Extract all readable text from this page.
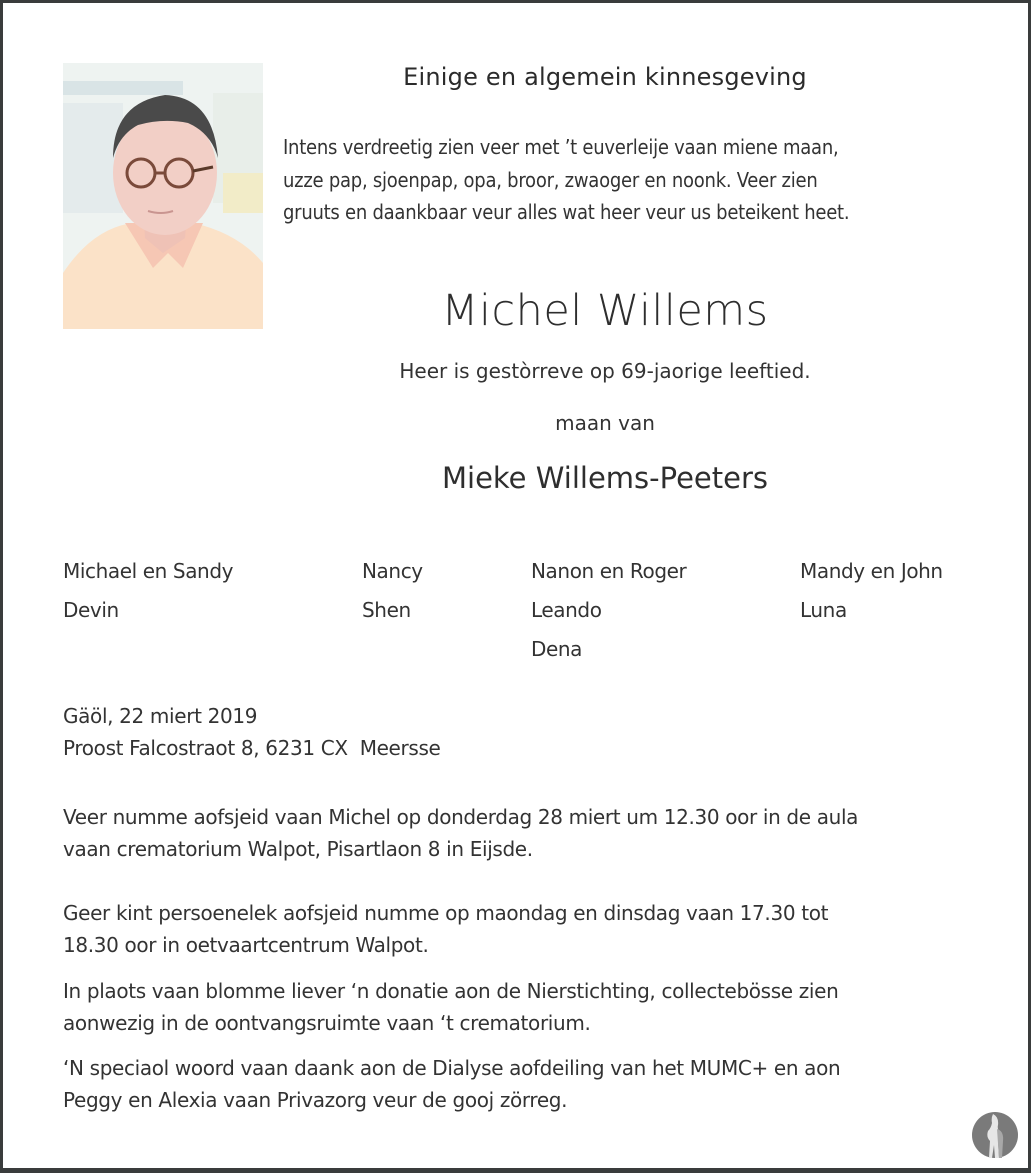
Einige en algemein kinnesgeving
Intens verdreetig zien veer met ’t euverleije vaan miene maan,
uzze pap, sjoenpap, opa, broor, zwaoger en noonk. Veer zien
gruuts en daankbaar veur alles wat heer veur us beteikent heet.
Michel Willems
Heer is gestòrreve op 69-jaorige leeftied.
maan van
Mieke Willems-Peeters
Michael en Sandy
Devin
Nancy
Shen
Nanon en Roger
Leando
Dena
Mandy en John
Luna
Gäöl, 22 miert 2019
Proost Falcostraot 8, 6231 CX  Meersse
Veer numme aofsjeid vaan Michel op donderdag 28 miert um 12.30 oor in de aula
vaan crematorium Walpot, Pisartlaon 8 in Eijsde.
Geer kint persoenelek aofsjeid numme op maondag en dinsdag vaan 17.30 tot
18.30 oor in oetvaartcentrum Walpot.
In plaots vaan blomme liever ‘n donatie aon de Nierstichting, collectebösse zien
aonwezig in de oontvangsruimte vaan ‘t crematorium.
‘N speciaol woord vaan daank aon de Dialyse aofdeiling van het MUMC+ en aon
Peggy en Alexia vaan Privazorg veur de gooj zörreg.
